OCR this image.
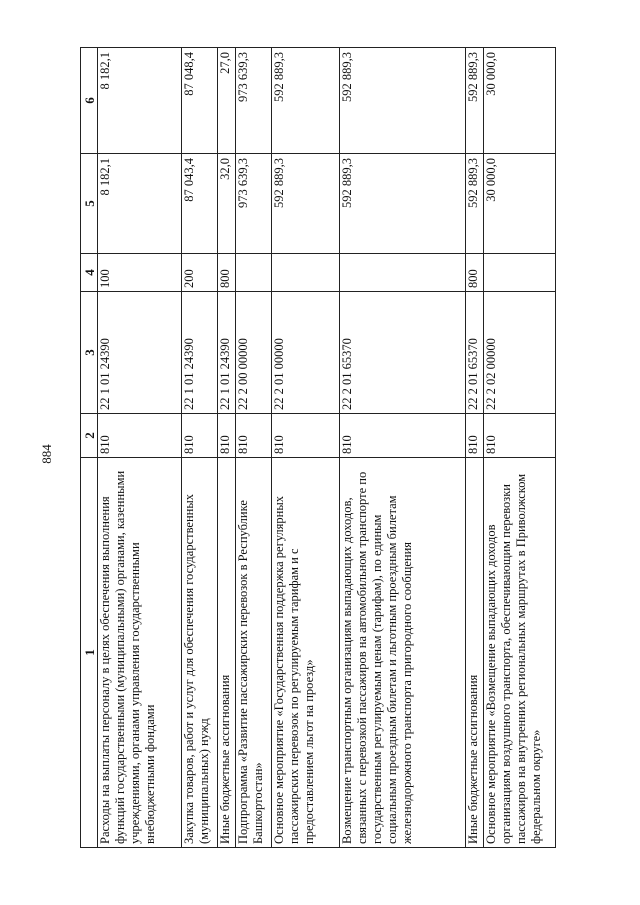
884
1	2	3	4	5	6
Расходы на выплаты персоналу в целях обеспечения выполнения функций государственными (муниципальными) органами, казенными учреждениями, органами управления государственными внебюджетными фондами	810	22 1 01 24390	100	8 182,1	8 182,1
Закупка товаров, работ и услуг для обеспечения государственных (муниципальных) нужд	810	22 1 01 24390	200	87 043,4	87 048,4
Иные бюджетные ассигнования	810	22 1 01 24390	800	32,0	27,0
Подпрограмма «Развитие пассажирских перевозок в Республике Башкортостан»	810	22 2 00 00000		973 639,3	973 639,3
Основное мероприятие «Государственная поддержка регулярных пассажирских перевозок по регулируемым тарифам и с предоставлением льгот на проезд»	810	22 2 01 00000		592 889,3	592 889,3
Возмещение транспортным организациям выпадающих доходов, связанных с перевозкой пассажиров на автомобильном транспорте по государственным регулируемым ценам (тарифам), по единым социальным проездным билетам и льготным проездным билетам железнодорожного транспорта пригородного сообщения	810	22 2 01 65370		592 889,3	592 889,3
Иные бюджетные ассигнования	810	22 2 01 65370	800	592 889,3	592 889,3
Основное мероприятие «Возмещение выпадающих доходов организациям воздушного транспорта, обеспечивающим перевозки пассажиров на внутренних региональных маршрутах в Приволжском федеральном округе»	810	22 2 02 00000		30 000,0	30 000,0
